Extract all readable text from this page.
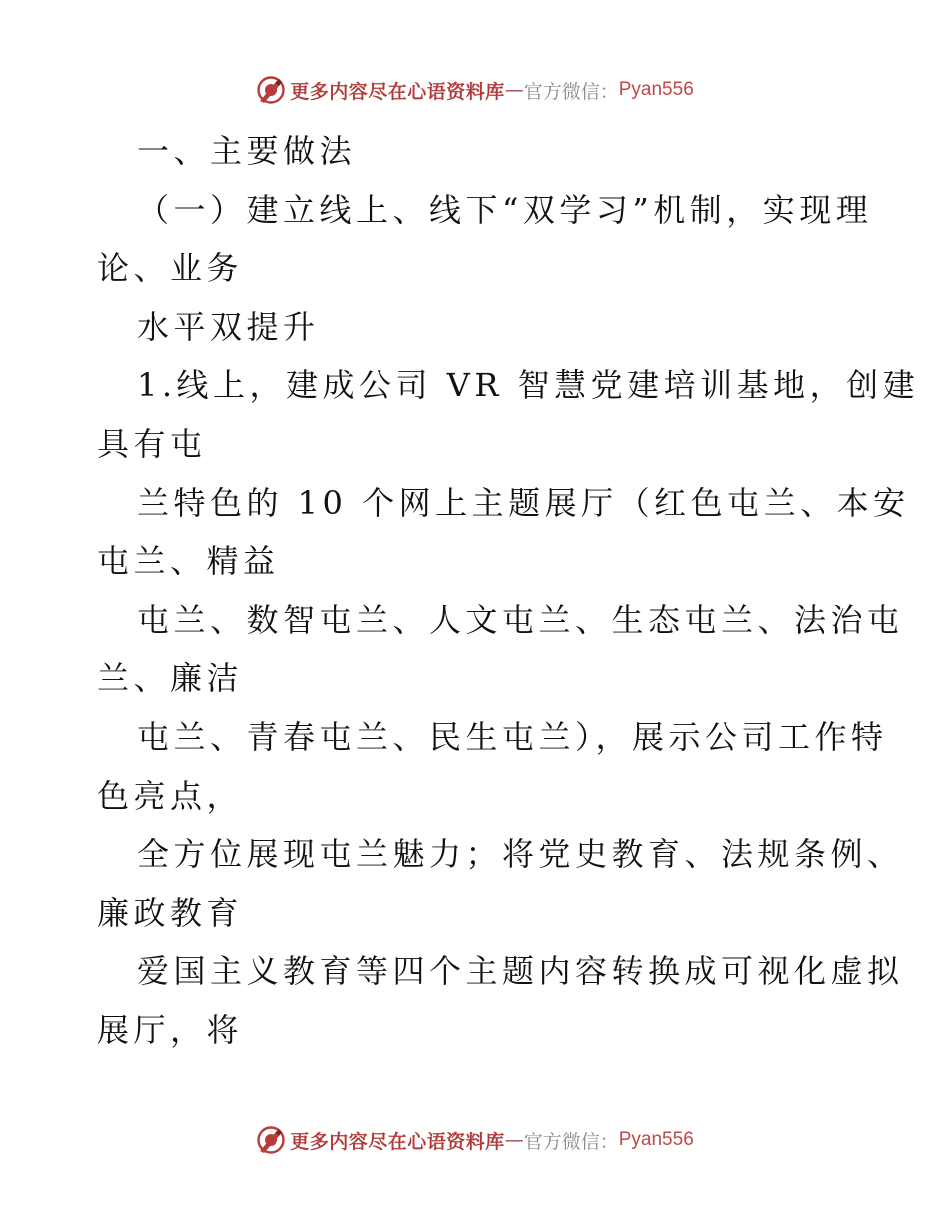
更多内容尽在心语资料库 — 官方微信： Pyan556
一、主要做法
（一）建立线上、线下“双学习”机制，实现理
论、业务
水平双提升
1.线上，建成公司 VR 智慧党建培训基地，创建
具有屯
兰特色的 10 个网上主题展厅（红色屯兰、本安
屯兰、精益
屯兰、数智屯兰、人文屯兰、生态屯兰、法治屯
兰、廉洁
屯兰、青春屯兰、民生屯兰），展示公司工作特
色亮点，
全方位展现屯兰魅力；将党史教育、法规条例、
廉政教育
爱国主义教育等四个主题内容转换成可视化虚拟
展厅，将
更多内容尽在心语资料库 — 官方微信： Pyan556
